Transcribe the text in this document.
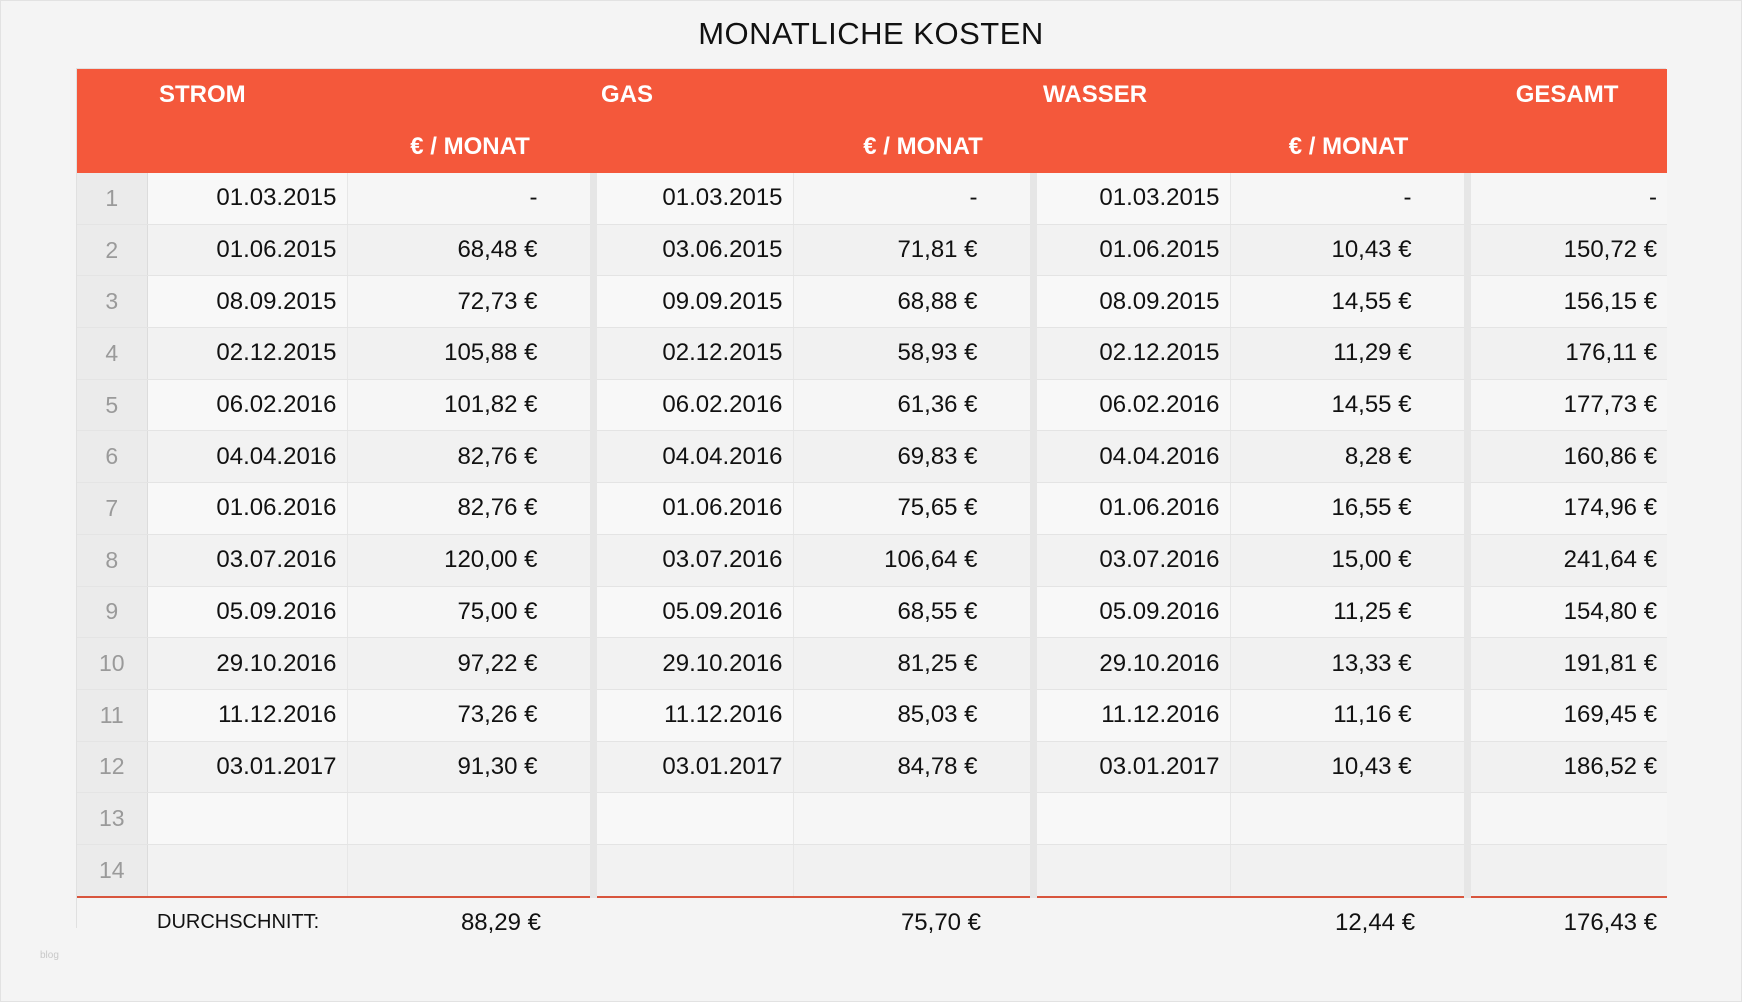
MONATLICHE KOSTEN
STROM			GAS		WASSER		GESAMT
		€ / MONAT		€ / MONAT		€ / MONAT	
1	01.03.2015	-	01.03.2015	-	01.03.2015	-	-
2	01.06.2015	68,48 €	03.06.2015	71,81 €	01.06.2015	10,43 €	150,72 €
3	08.09.2015	72,73 €	09.09.2015	68,88 €	08.09.2015	14,55 €	156,15 €
4	02.12.2015	105,88 €	02.12.2015	58,93 €	02.12.2015	11,29 €	176,11 €
5	06.02.2016	101,82 €	06.02.2016	61,36 €	06.02.2016	14,55 €	177,73 €
6	04.04.2016	82,76 €	04.04.2016	69,83 €	04.04.2016	8,28 €	160,86 €
7	01.06.2016	82,76 €	01.06.2016	75,65 €	01.06.2016	16,55 €	174,96 €
8	03.07.2016	120,00 €	03.07.2016	106,64 €	03.07.2016	15,00 €	241,64 €
9	05.09.2016	75,00 €	05.09.2016	68,55 €	05.09.2016	11,25 €	154,80 €
10	29.10.2016	97,22 €	29.10.2016	81,25 €	29.10.2016	13,33 €	191,81 €
11	11.12.2016	73,26 €	11.12.2016	85,03 €	11.12.2016	11,16 €	169,45 €
12	03.01.2017	91,30 €	03.01.2017	84,78 €	03.01.2017	10,43 €	186,52 €
13							
14							
DURCHSCHNITT:		88,29 €		75,70 €		12,44 €	176,43 €
blog
